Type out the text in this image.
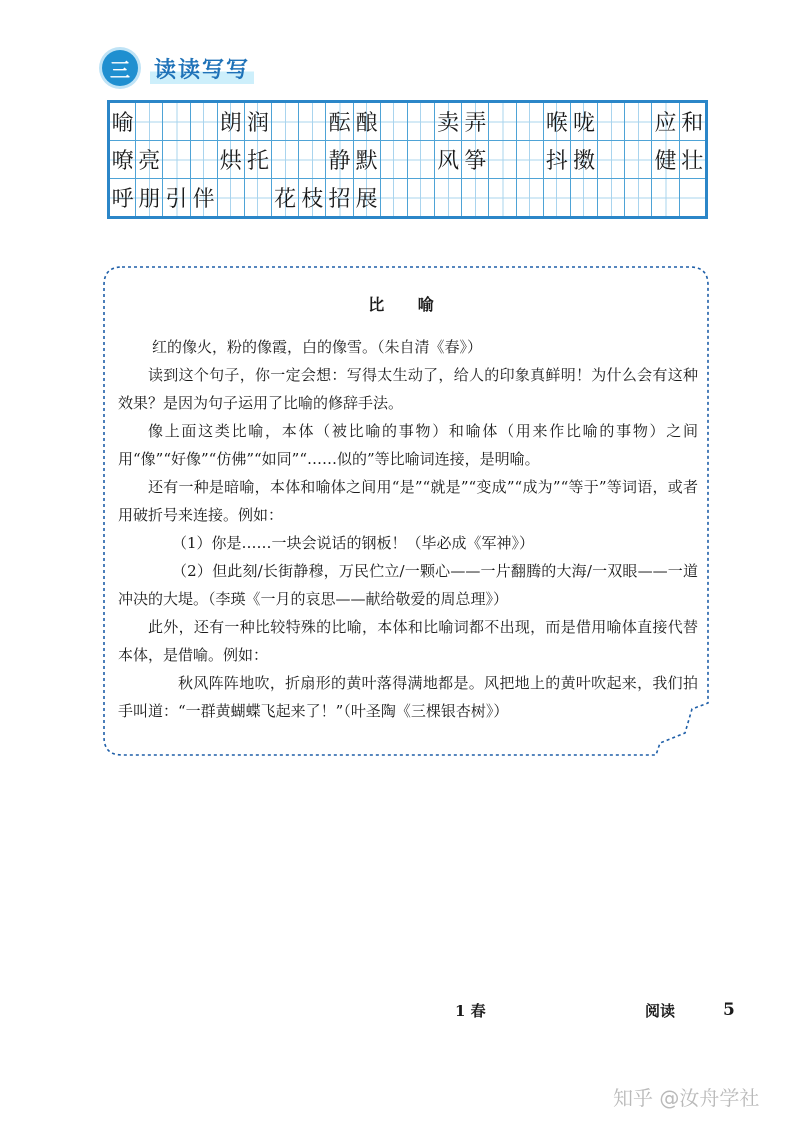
三	读读写写
喻				朗	润			酝	酿			卖	弄			喉	咙			应	和
嘹	亮			烘	托			静	默			风	筝			抖	擞			健	壮
呼	朋	引	伴			花	枝	招	展												
比 喻

红的像火，粉的像霞，白的像雪。（朱自清《春》）

读到这个句子，你一定会想：写得太生动了，给人的印象真鲜明！为什么会有这种效果？是因为句子运用了比喻的修辞手法。

像上面这类比喻，本体（被比喻的事物）和喻体（用来作比喻的事物）之间用“像”“好像”“仿佛”“如同”“……似的”等比喻词连接，是明喻。

还有一种是暗喻，本体和喻体之间用“是”“就是”“变成”“成为”“等于”等词语，或者用破折号来连接。例如：

（1）你是……一块会说话的钢板！（毕必成《军神》）

（2）但此刻/长街静穆，万民伫立/一颗心——一片翻腾的大海/一双眼——一道冲决的大堤。（李瑛《一月的哀思——献给敬爱的周总理》）

此外，还有一种比较特殊的比喻，本体和比喻词都不出现，而是借用喻体直接代替本体，是借喻。例如：

秋风阵阵地吹，折扇形的黄叶落得满地都是。风把地上的黄叶吹起来，我们拍手叫道：“一群黄蝴蝶飞起来了！”（叶圣陶《三棵银杏树》）

1 春	阅读	5
知乎 @汝舟学社
